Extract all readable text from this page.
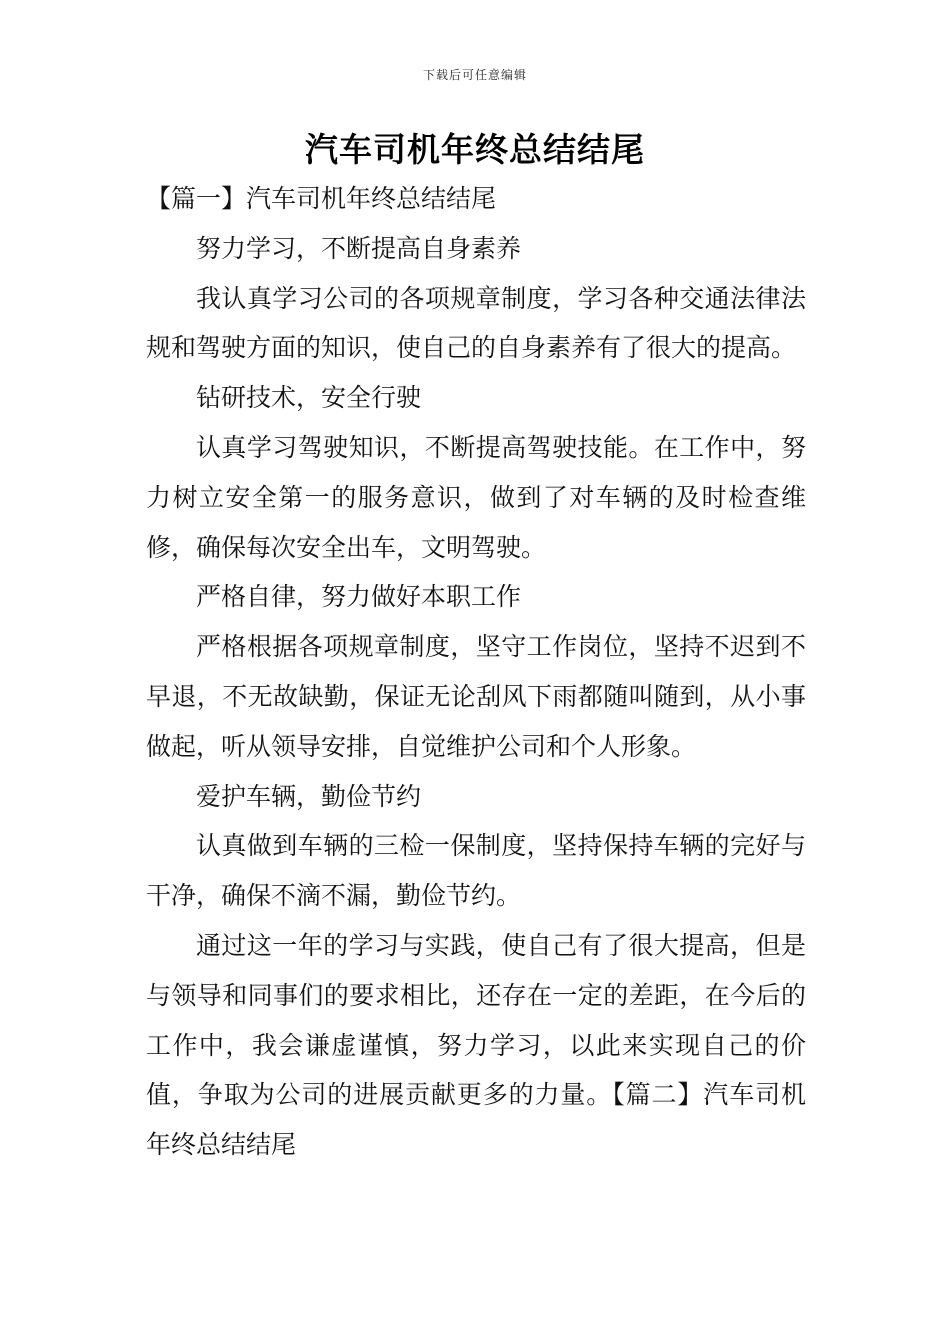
下载后可任意编辑
汽车司机年终总结结尾

【篇一】汽车司机年终总结结尾

努力学习，不断提高自身素养

我认真学习公司的各项规章制度，学习各种交通法律法规和驾驶方面的知识，使自己的自身素养有了很大的提高。

钻研技术，安全行驶

认真学习驾驶知识，不断提高驾驶技能。在工作中，努力树立安全第一的服务意识，做到了对车辆的及时检查维修，确保每次安全出车，文明驾驶。

严格自律，努力做好本职工作

严格根据各项规章制度，坚守工作岗位，坚持不迟到不早退，不无故缺勤，保证无论刮风下雨都随叫随到，从小事做起，听从领导安排，自觉维护公司和个人形象。

爱护车辆，勤俭节约

认真做到车辆的三检一保制度，坚持保持车辆的完好与干净，确保不滴不漏，勤俭节约。

通过这一年的学习与实践，使自己有了很大提高，但是与领导和同事们的要求相比，还存在一定的差距，在今后的工作中，我会谦虚谨慎，努力学习，以此来实现自己的价值，争取为公司的进展贡献更多的力量。【篇二】汽车司机年终总结结尾
